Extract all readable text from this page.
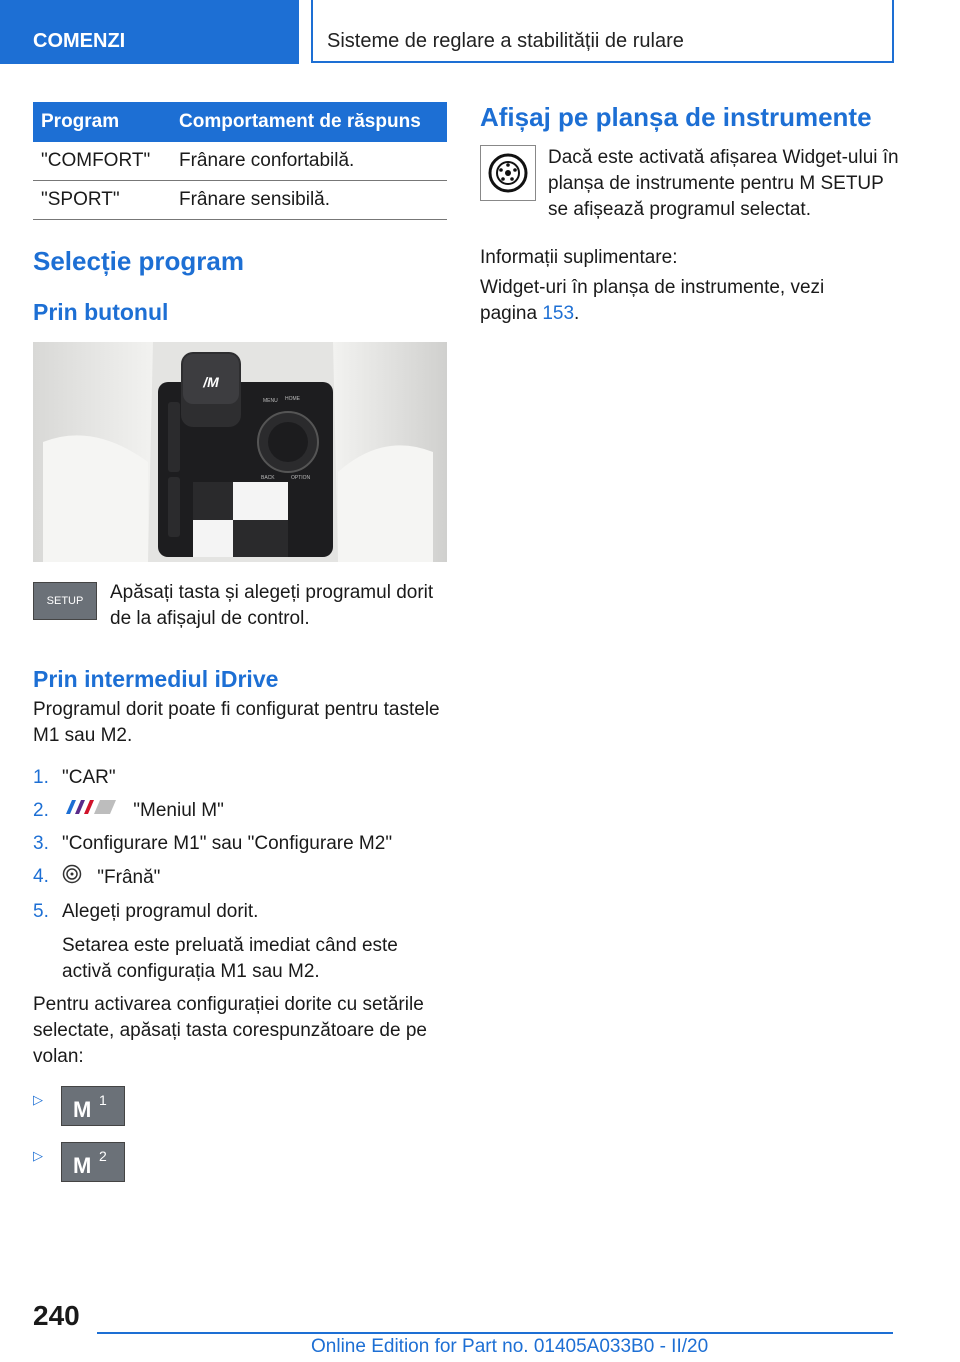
COMENZI	Sisteme de reglare a stabilității de rulare
Program	Comportament de răspuns
"COMFORT"	Frânare confortabilă.
"SPORT"	Frânare sensibilă.
Selecție program
Prin butonul
/M
MENU HOME
BACK	OPTION
SETUP Apăsați tasta și alegeți programul dorit de la afișajul de control.

Prin intermediul iDrive

Programul dorit poate fi configurat pentru tastele M1 sau M2.

1. "CAR"
2.	"Meniul M"
3. "Configurare M1" sau "Configurare M2"
4.	"Frână"
5. Alegeți programul dorit.
Setarea este preluată imediat când este activă configurația M1 sau M2.

Pentru activarea configurației dorite cu setările selectate, apăsați tasta corespunzătoare de pe volan:

▷	M 1
▷	M 2
Afișaj pe planșa de instrumente

Dacă este activată afișarea Widget-ului în planșa de instrumente pentru M SETUP se afișează programul selectat.

Informații suplimentare:

Widget-uri în planșa de instrumente, vezi pagina 153.

240
Online Edition for Part no. 01405A033B0 - II/20
